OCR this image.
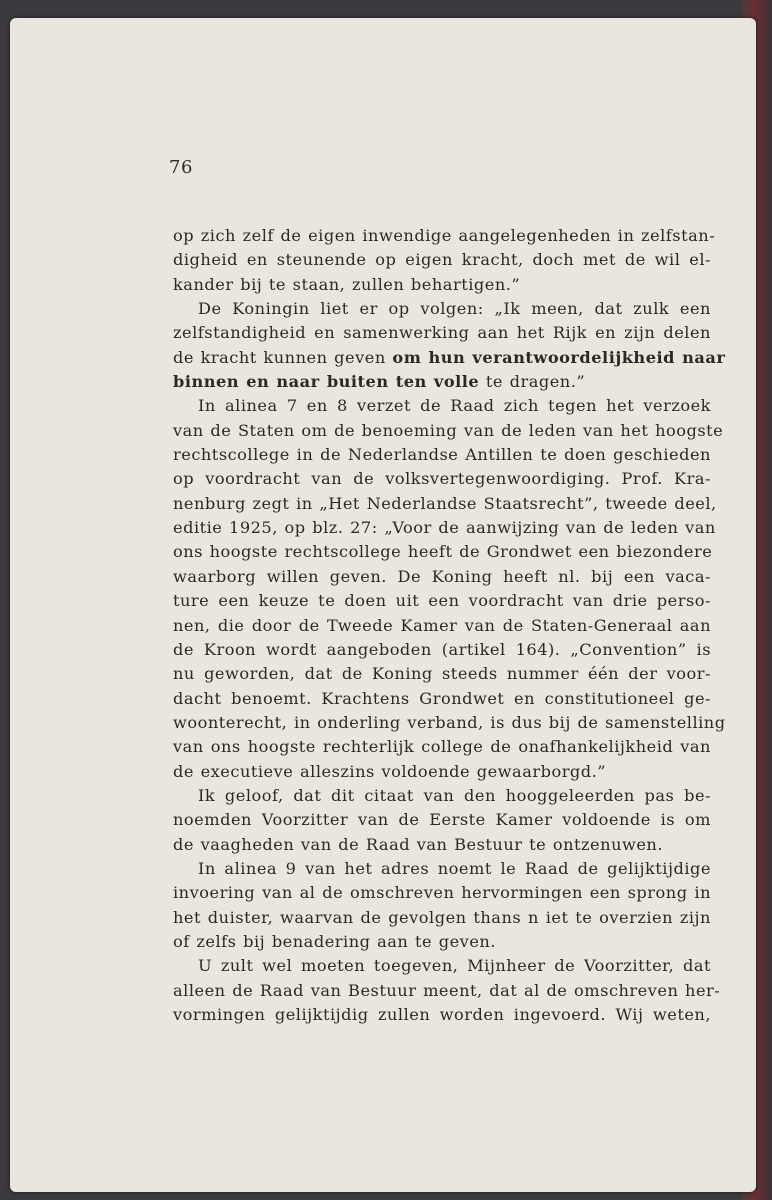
76
op zich zelf de eigen inwendige aangelegenheden in zelfstan-
digheid en steunende op eigen kracht, doch met de wil el-
kander bij te staan, zullen behartigen.”
De Koningin liet er op volgen: „Ik meen, dat zulk een
zelfstandigheid en samenwerking aan het Rijk en zijn delen
de kracht kunnen geven om hun verantwoordelijkheid naar
binnen en naar buiten ten volle te dragen.”
In alinea 7 en 8 verzet de Raad zich tegen het verzoek
van de Staten om de benoeming van de leden van het hoogste
rechtscollege in de Nederlandse Antillen te doen geschieden
op voordracht van de volksvertegenwoordiging. Prof. Kra-
nenburg zegt in „Het Nederlandse Staatsrecht”, tweede deel,
editie 1925, op blz. 27: „Voor de aanwijzing van de leden van
ons hoogste rechtscollege heeft de Grondwet een biezondere
waarborg willen geven. De Koning heeft nl. bij een vaca-
ture een keuze te doen uit een voordracht van drie perso-
nen, die door de Tweede Kamer van de Staten-Generaal aan
de Kroon wordt aangeboden (artikel 164). „Convention” is
nu geworden, dat de Koning steeds nummer één der voor-
dacht benoemt. Krachtens Grondwet en constitutioneel ge-
woonterecht, in onderling verband, is dus bij de samenstelling
van ons hoogste rechterlijk college de onafhankelijkheid van
de executieve alleszins voldoende gewaarborgd.”
Ik geloof, dat dit citaat van den hooggeleerden pas be-
noemden Voorzitter van de Eerste Kamer voldoende is om
de vaagheden van de Raad van Bestuur te ontzenuwen.
In alinea 9 van het adres noemt le Raad de gelijktijdige
invoering van al de omschreven hervormingen een sprong in
het duister, waarvan de gevolgen thans n iet te overzien zijn
of zelfs bij benadering aan te geven.
U zult wel moeten toegeven, Mijnheer de Voorzitter, dat
alleen de Raad van Bestuur meent, dat al de omschreven her-
vormingen gelijktijdig zullen worden ingevoerd. Wij weten,
